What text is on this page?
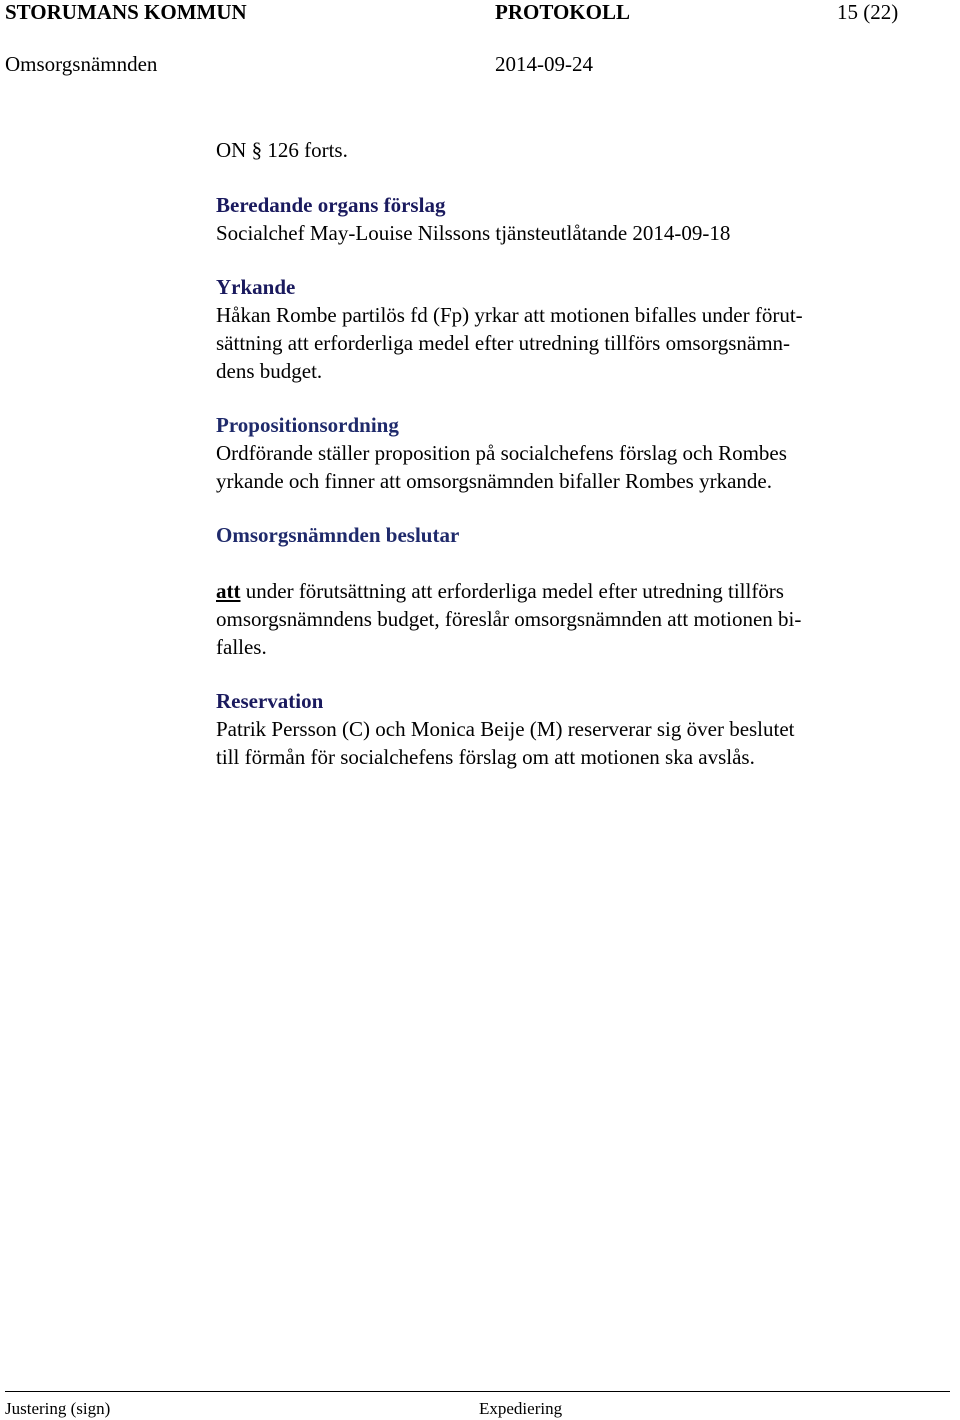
STORUMANS KOMMUN	PROTOKOLL	15 (22)
Omsorgsnämnden	2014-09-24

ON § 126 forts.

Beredande organs förslag

Socialchef May-Louise Nilssons tjänsteutlåtande 2014-09-18

Yrkande

Håkan Rombe partilös fd (Fp) yrkar att motionen bifalles under förut-

sättning att erforderliga medel efter utredning tillförs omsorgsnämn-

dens budget.

Propositionsordning

Ordförande ställer proposition på socialchefens förslag och Rombes

yrkande och finner att omsorgsnämnden bifaller Rombes yrkande.

Omsorgsnämnden beslutar

att under förutsättning att erforderliga medel efter utredning tillförs

omsorgsnämndens budget, föreslår omsorgsnämnden att motionen bi-

falles.

Reservation

Patrik Persson (C) och Monica Beije (M) reserverar sig över beslutet

till förmån för socialchefens förslag om att motionen ska avslås.

Justering (sign)	Expediering
